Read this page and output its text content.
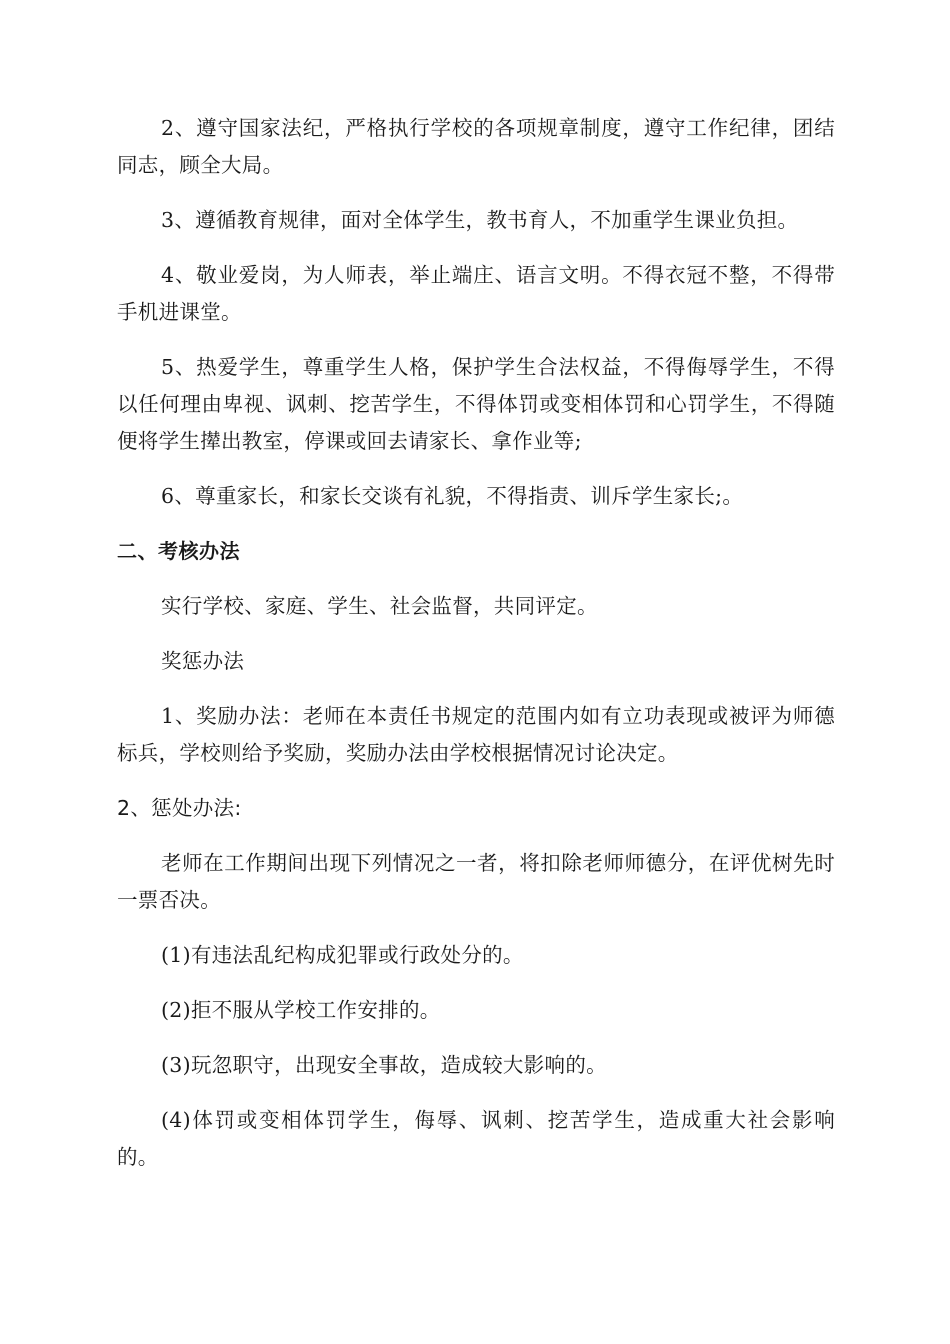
2、遵守国家法纪，严格执行学校的各项规章制度，遵守工作纪律，团结同志，顾全大局。

3、遵循教育规律，面对全体学生，教书育人，不加重学生课业负担。

4、敬业爱岗，为人师表，举止端庄、语言文明。不得衣冠不整，不得带手机进课堂。

5、热爱学生，尊重学生人格，保护学生合法权益，不得侮辱学生，不得以任何理由卑视、讽刺、挖苦学生，不得体罚或变相体罚和心罚学生，不得随便将学生撵出教室，停课或回去请家长、拿作业等;

6、尊重家长，和家长交谈有礼貌，不得指责、训斥学生家长;。

二、考核办法

实行学校、家庭、学生、社会监督，共同评定。

奖惩办法

1、奖励办法：老师在本责任书规定的范围内如有立功表现或被评为师德标兵，学校则给予奖励，奖励办法由学校根据情况讨论决定。

2、惩处办法:

老师在工作期间出现下列情况之一者，将扣除老师师德分，在评优树先时一票否决。

(1)有违法乱纪构成犯罪或行政处分的。

(2)拒不服从学校工作安排的。

(3)玩忽职守，出现安全事故，造成较大影响的。

(4)体罚或变相体罚学生，侮辱、讽刺、挖苦学生，造成重大社会影响的。
